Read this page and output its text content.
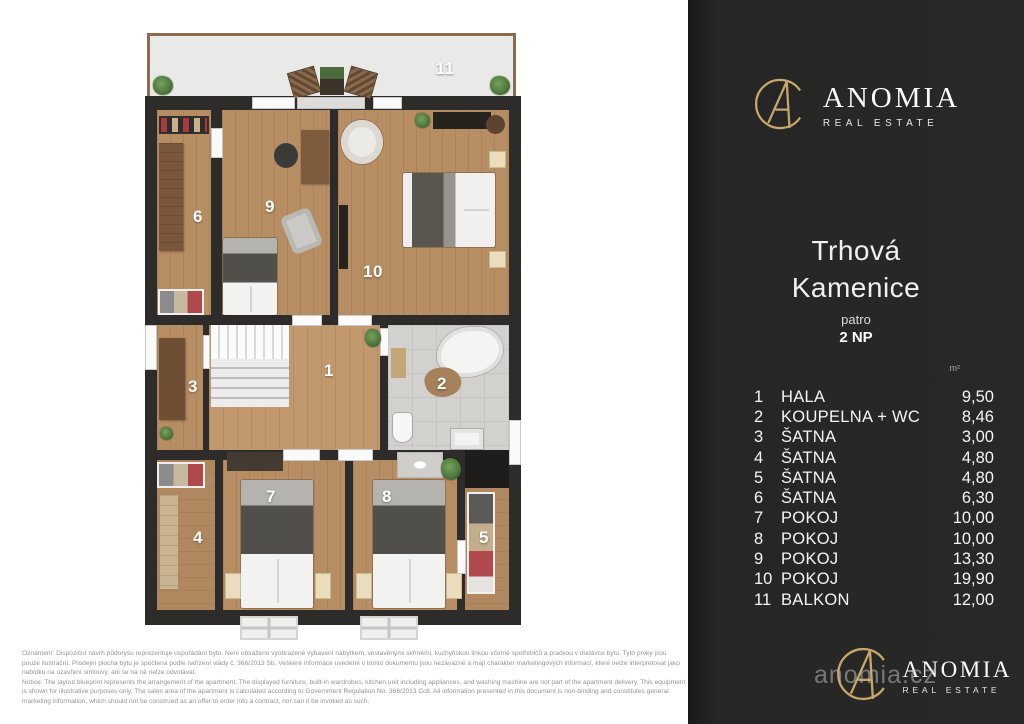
11
6
9
10
3
1
2
4
7	8
5
ANOMIA
REAL ESTATE
Trhová
Kamenice
patro
2 NP
m²
1	HALA	9,50
2	KOUPELNA + WC	8,46
3	ŠATNA	3,00
4	ŠATNA	4,80
5	ŠATNA	4,80
6	ŠATNA	6,30
7	POKOJ	10,00
8	POKOJ	10,00
9	POKOJ	13,30
10 POKOJ	19,90
11 BALKON	12,00
anomia.cz
ANOMIA
REAL ESTATE

Oznámení: Dispoziční návrh půdorysu reprezentuje uspořádání bytu. Není obsaženo vyobrazené vybavení nábytkem, vestavěnými skříněmi, kuchyňskou linkou včetně spotřebičů a pračkou v dodávce bytu. Tyto prvky jsou pouze ilustrační. Prodejní plocha bytu je spočtena podle nařízení vlády č. 366/2013 Sb. Veškeré informace uvedené v tomto dokumentu jsou nezávazné a mají charakter marketingových informací, které nelze interpretovat jako nabídku na uzavření smlouvy, ani se na ně nelze odvolávat.

Notice: The layout blueprint represents the arrangement of the apartment. The displayed furniture, built-in wardrobes, kitchen unit including appliances, and washing machine are not part of the apartment delivery. This equipment is shown for illustrative purposes only. The sales area of the apartment is calculated according to Government Regulation No. 366/2013 Coll. All information presented in this document is non-binding and constitutes general marketing information, which should not be construed as an offer to enter into a contract, nor can it be invoked as such.
